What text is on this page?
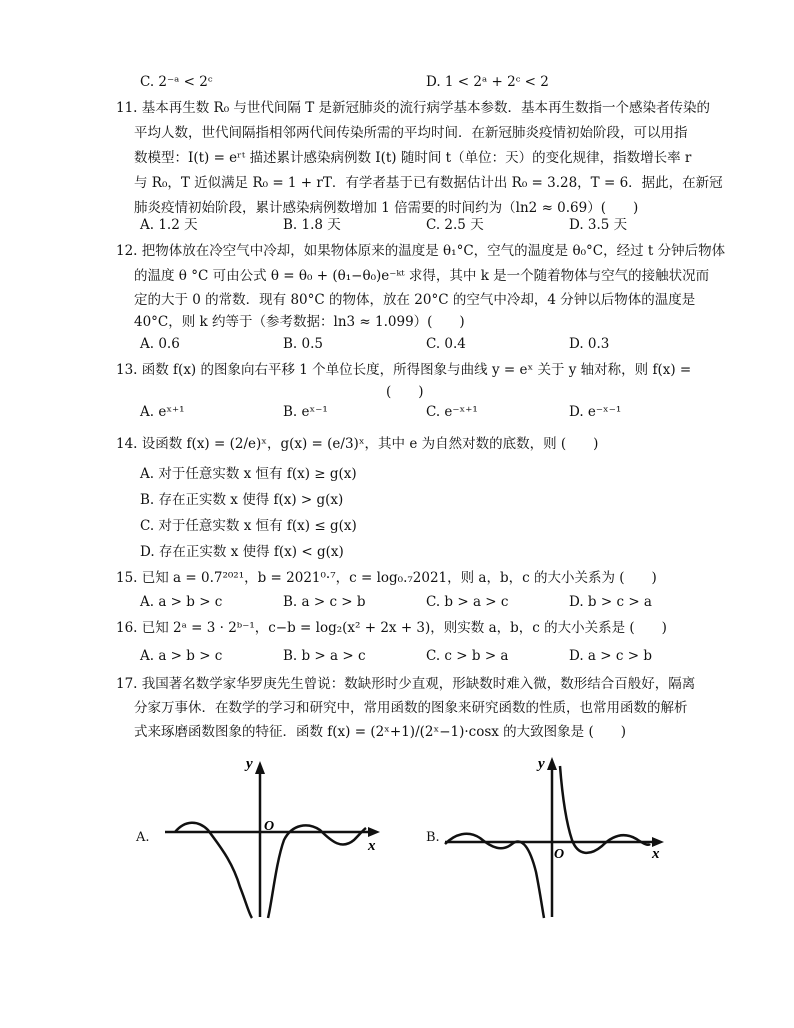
C. 2⁻ᵃ < 2ᶜ	D. 1 < 2ᵃ + 2ᶜ < 2
11. 基本再生数 R₀ 与世代间隔 T 是新冠肺炎的流行病学基本参数．基本再生数指一个感染者传染的
平均人数，世代间隔指相邻两代间传染所需的平均时间．在新冠肺炎疫情初始阶段，可以用指
数模型：I(t) = eʳᵗ 描述累计感染病例数 I(t) 随时间 t（单位：天）的变化规律，指数增长率 r
与 R₀，T 近似满足 R₀ = 1 + rT．有学者基于已有数据估计出 R₀ = 3.28，T = 6．据此，在新冠
肺炎疫情初始阶段，累计感染病例数增加 1 倍需要的时间约为（ln2 ≈ 0.69）(　　)
A. 1.2 天	B. 1.8 天	C. 2.5 天	D. 3.5 天
12. 把物体放在冷空气中冷却，如果物体原来的温度是 θ₁°C，空气的温度是 θ₀°C，经过 t 分钟后物体
的温度 θ °C 可由公式 θ = θ₀ + (θ₁−θ₀)e⁻ᵏᵗ 求得，其中 k 是一个随着物体与空气的接触状况而
定的大于 0 的常数．现有 80°C 的物体，放在 20°C 的空气中冷却，4 分钟以后物体的温度是
40°C，则 k 约等于（参考数据：ln3 ≈ 1.099）(　　)
A. 0.6	B. 0.5	C. 0.4	D. 0.3
13. 函数 f(x) 的图象向右平移 1 个单位长度，所得图象与曲线 y = eˣ 关于 y 轴对称，则 f(x) =
(　　)
A. eˣ⁺¹	B. eˣ⁻¹	C. e⁻ˣ⁺¹	D. e⁻ˣ⁻¹
14. 设函数 f(x) = (2/e)ˣ，g(x) = (e/3)ˣ，其中 e 为自然对数的底数，则 (　　)
A. 对于任意实数 x 恒有 f(x) ≥ g(x)
B. 存在正实数 x 使得 f(x) > g(x)
C. 对于任意实数 x 恒有 f(x) ≤ g(x)
D. 存在正实数 x 使得 f(x) < g(x)
15. 已知 a = 0.7²⁰²¹，b = 2021⁰·⁷，c = log₀.₇2021，则 a，b，c 的大小关系为 (　　)
A. a > b > c	B. a > c > b	C. b > a > c	D. b > c > a
16. 已知 2ᵃ = 3 · 2ᵇ⁻¹，c−b = log₂(x² + 2x + 3)，则实数 a，b，c 的大小关系是 (　　)
A. a > b > c	B. b > a > c	C. c > b > a	D. a > c > b
17. 我国著名数学家华罗庚先生曾说：数缺形时少直观，形缺数时难入微，数形结合百般好，隔离
分家万事休．在数学的学习和研究中，常用函数的图象来研究函数的性质，也常用函数的解析
式来琢磨函数图象的特征．函数 f(x) = (2ˣ+1)/(2ˣ−1)·cosx 的大致图象是 (　　)
A.
y
x
O
B.
y
x
O
